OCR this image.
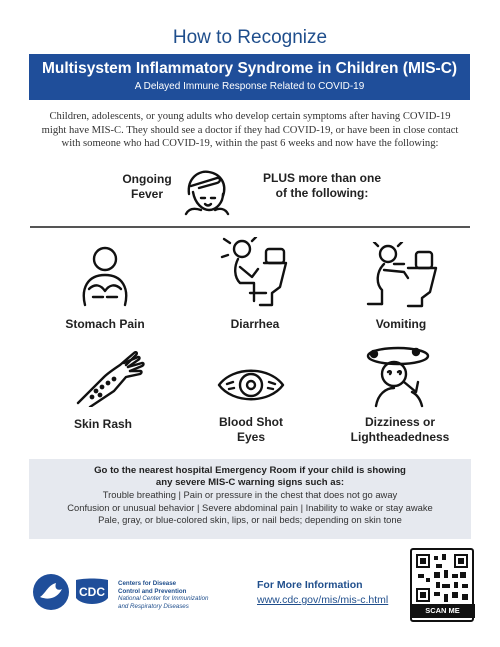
How to Recognize
Multisystem Inflammatory Syndrome in Children (MIS-C)
A Delayed Immune Response Related to COVID-19
Children, adolescents, or young adults who develop certain symptoms after having COVID-19
might have MIS-C. They should see a doctor if they had COVID-19, or have been in close contact
with someone who had COVID-19, within the past 6 weeks and now have the following:
Ongoing
Fever
PLUS more than one
of the following:
Stomach Pain	Diarrhea	Vomiting
Skin Rash	Blood Shot
Eyes
Dizziness or
Lightheadedness
Go to the nearest hospital Emergency Room if your child is showing
any severe MIS-C warning signs such as:
Trouble breathing | Pain or pressure in the chest that does not go away
Confusion or unusual behavior | Severe abdominal pain | Inability to wake or stay awake
Pale, gray, or blue-colored skin, lips, or nail beds; depending on skin tone
CDC
Centers for Disease
Control and Prevention
National Center for Immunization
and Respiratory Diseases
For More Information
www.cdc.gov/mis/mis-c.html
SCAN ME
